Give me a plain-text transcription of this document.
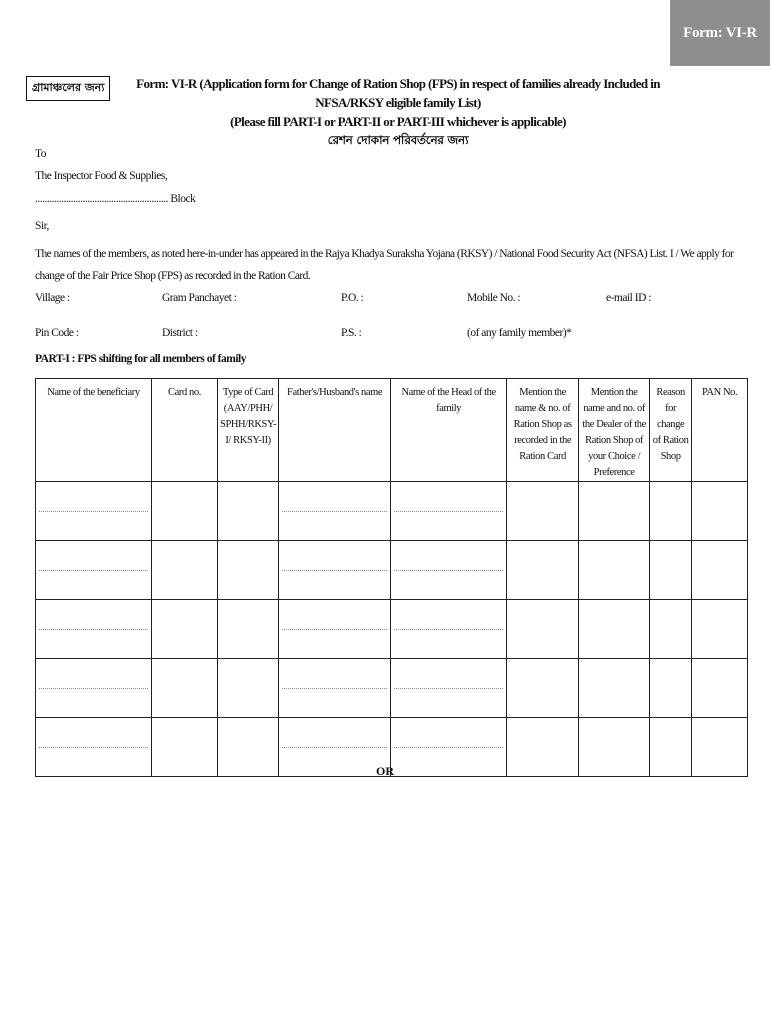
Form: VI-R
গ্রামাঞ্চলের জন্য	Form: VI-R (Application form for Change of Ration Shop (FPS) in respect of families already Included in NFSA/RKSY eligible family List)
(Please fill PART-I or PART-II or PART-III whichever is applicable)
রেশন দোকান পরিবর্তনের জন্য
To
The Inspector Food & Supplies,
........................................................ Block
Sir,
The names of the members, as noted here-in-under has appeared in the Rajya Khadya Suraksha Yojana (RKSY) / National Food Security Act (NFSA) List. I / We apply for change of the Fair Price Shop (FPS) as recorded in the Ration Card.
Village :	Gram Panchayet :	P.O. :	Mobile No. :	e-mail ID :
Pin Code :	District :	P.S. :	(of any family member)*
PART-I : FPS shifting for all members of family
Name of the beneficiary	Card no.	Type of Card (AAY/PHH/ SPHH/RKSY-I/ RKSY-II)	Father's/Husband's name	Name of the Head of the family	Mention the name & no. of Ration Shop as recorded in the Ration Card	Mention the name and no. of the Dealer of the Ration Shop of your Choice / Preference	Reason for change of Ration Shop	PAN No.

OR
